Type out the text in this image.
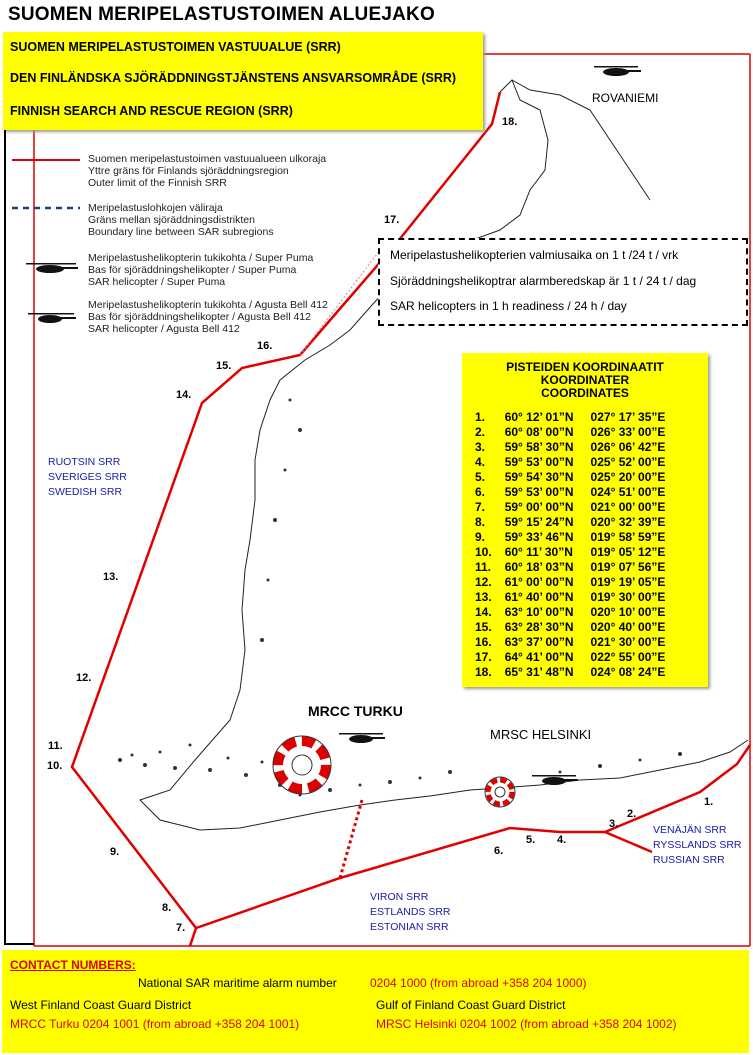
SUOMEN MERIPELASTUSTOIMEN ALUEJAKO
SUOMEN MERIPELASTUSTOIMEN VASTUUALUE (SRR)
DEN FINLÄNDSKA SJÖRÄDDNINGSTJÄNSTENS ANSVARSOMRÅDE (SRR)
FINNISH SEARCH AND RESCUE REGION (SRR)
Suomen meripelastustoimen vastuualueen ulkoraja
Yttre gräns för Finlands sjöräddningsregion
Outer limit of the Finnish SRR
Meripelastuslohkojen väliraja
Gräns mellan sjöräddningsdistrikten
Boundary line between SAR subregions
Meripelastushelikopterin tukikohta / Super Puma
Bas för sjöräddningshelikopter / Super Puma
SAR helicopter / Super Puma
Meripelastushelikopterin tukikohta / Agusta Bell 412
Bas för sjöräddningshelikopter / Agusta Bell 412
SAR helicopter / Agusta Bell 412
Meripelastushelikopterien valmiusaika on 1 t /24 t / vrk
Sjöräddningshelikoptrar alarmberedskap är 1 t / 24 t / dag
SAR helicopters in 1 h readiness / 24 h / day
PISTEIDEN KOORDINAATIT
KOORDINATER
COORDINATES
1.	60° 12’ 01”N	027° 17’ 35”E
2.	60° 08’ 00”N	026° 33’ 00”E
3.	59° 58’ 30”N	026° 06’ 42”E
4.	59° 53’ 00”N	025° 52’ 00”E
5.	59° 54’ 30”N	025° 20’ 00”E
6.	59° 53’ 00”N	024° 51’ 00”E
7.	59° 00’ 00”N	021° 00’ 00”E
8.	59° 15’ 24”N	020° 32’ 39”E
9.	59° 33’ 46”N	019° 58’ 59”E
10.	60° 11’ 30”N	019° 05’ 12”E
11.	60° 18’ 03”N	019° 07’ 56”E
12.	61° 00’ 00”N	019° 19’ 05”E
13.	61° 40’ 00”N	019° 30’ 00”E
14.	63° 10’ 00”N	020° 10’ 00”E
15.	63° 28’ 30”N	020° 40’ 00”E
16.	63° 37’ 00”N	021° 30’ 00”E
17.	64° 41’ 00”N	022° 55’ 00”E
18.	65° 31’ 48”N	024° 08’ 24”E
RUOTSIN SRR
SVERIGES SRR
SWEDISH SRR
VIRON SRR
ESTLANDS SRR
ESTONIAN SRR
VENÄJÄN SRR
RYSSLANDS SRR
RUSSIAN SRR
ROVANIEMI
MRCC TURKU
MRSC HELSINKI
1.
2.
3.
4.
5.
6.
7.
8.
9.
10.
11.
12.
13.
14.
15.
16.
17.
18.
CONTACT NUMBERS:
National SAR maritime alarm number	0204 1000 (from abroad +358 204 1000)
West Finland Coast Guard District
MRCC Turku 0204 1001 (from abroad +358 204 1001)
Gulf of Finland Coast Guard District
MRSC Helsinki 0204 1002 (from abroad +358 204 1002)
